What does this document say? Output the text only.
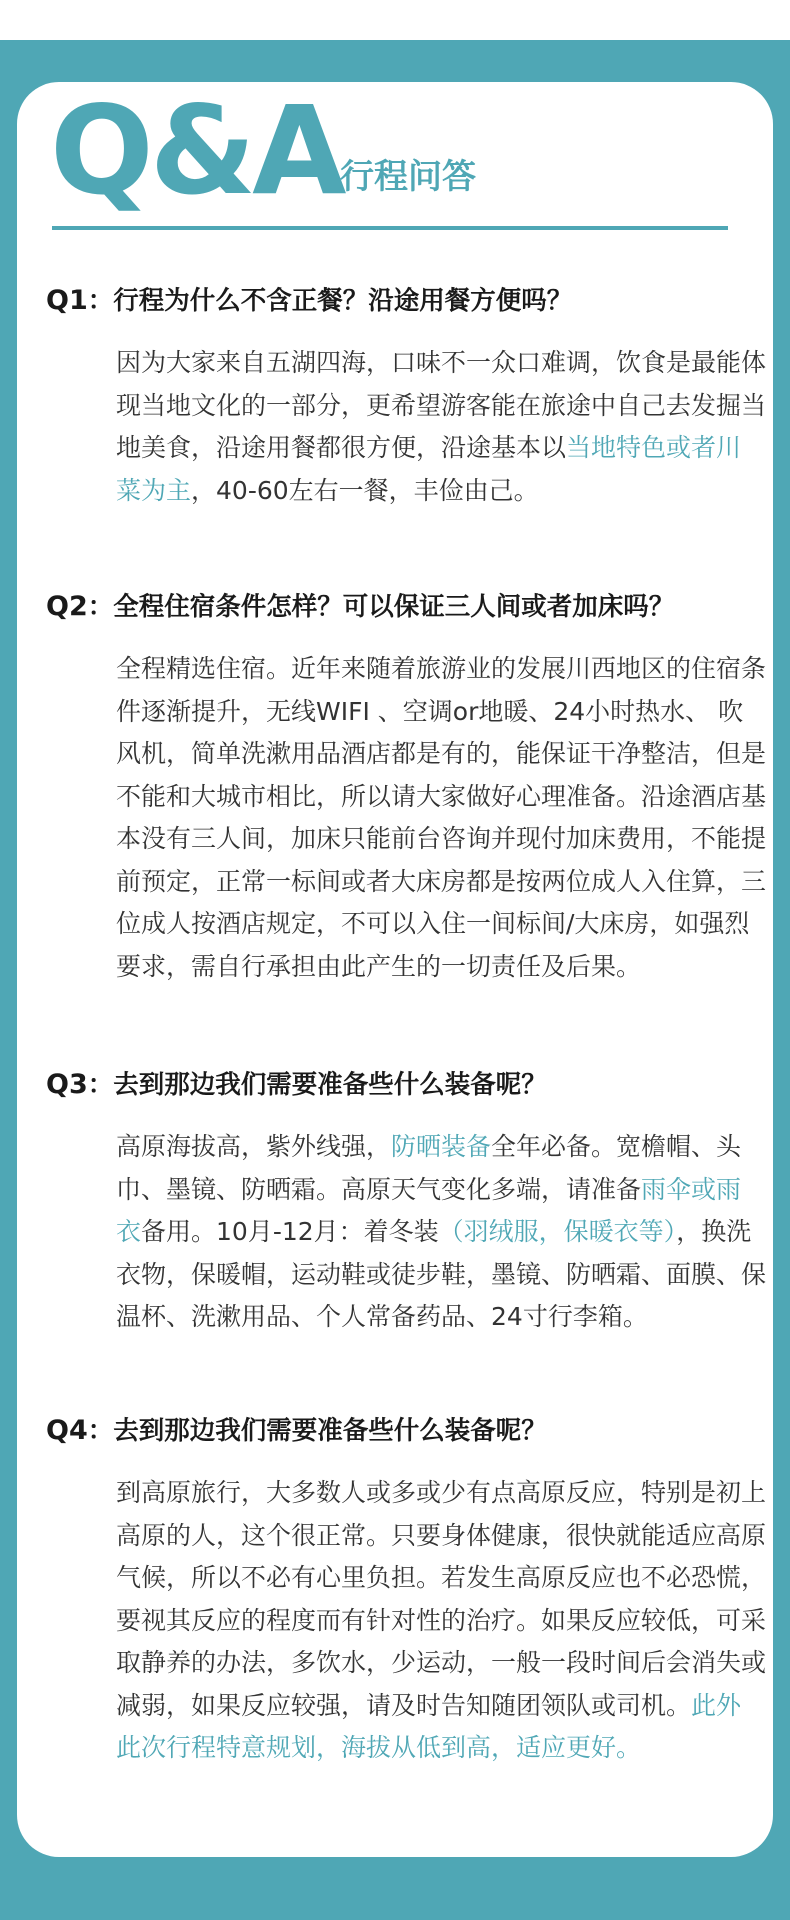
Q&A
行程问答
Q1：行程为什么不含正餐？沿途用餐方便吗？

因为大家来自五湖四海，口味不一众口难调，饮食是最能体现当地文化的一部分，更希望游客能在旅途中自己去发掘当地美食，沿途用餐都很方便，沿途基本以当地特色或者川菜为主，40-60左右一餐，丰俭由己。

Q2：全程住宿条件怎样？可以保证三人间或者加床吗？

全程精选住宿。近年来随着旅游业的发展川西地区的住宿条件逐渐提升，无线WIFI 、空调or地暖、24小时热水、 吹风机，简单洗漱用品酒店都是有的，能保证干净整洁，但是不能和大城市相比，所以请大家做好心理准备。沿途酒店基本没有三人间，加床只能前台咨询并现付加床费用，不能提前预定，正常一标间或者大床房都是按两位成人入住算，三位成人按酒店规定，不可以入住一间标间/大床房，如强烈要求，需自行承担由此产生的一切责任及后果。

Q3：去到那边我们需要准备些什么装备呢？

高原海拔高，紫外线强，防晒装备全年必备。宽檐帽、头巾、墨镜、防晒霜。高原天气变化多端，请准备雨伞或雨衣备用。10月-12月：着冬装（羽绒服，保暖衣等），换洗衣物，保暖帽，运动鞋或徒步鞋，墨镜、防晒霜、面膜、保温杯、洗漱用品、个人常备药品、24寸行李箱。

Q4：去到那边我们需要准备些什么装备呢？

到高原旅行，大多数人或多或少有点高原反应，特别是初上高原的人，这个很正常。只要身体健康，很快就能适应高原气候，所以不必有心里负担。若发生高原反应也不必恐慌，要视其反应的程度而有针对性的治疗。如果反应较低，可采取静养的办法，多饮水，少运动，一般一段时间后会消失或减弱，如果反应较强，请及时告知随团领队或司机。此外此次行程特意规划，海拔从低到高，适应更好。
